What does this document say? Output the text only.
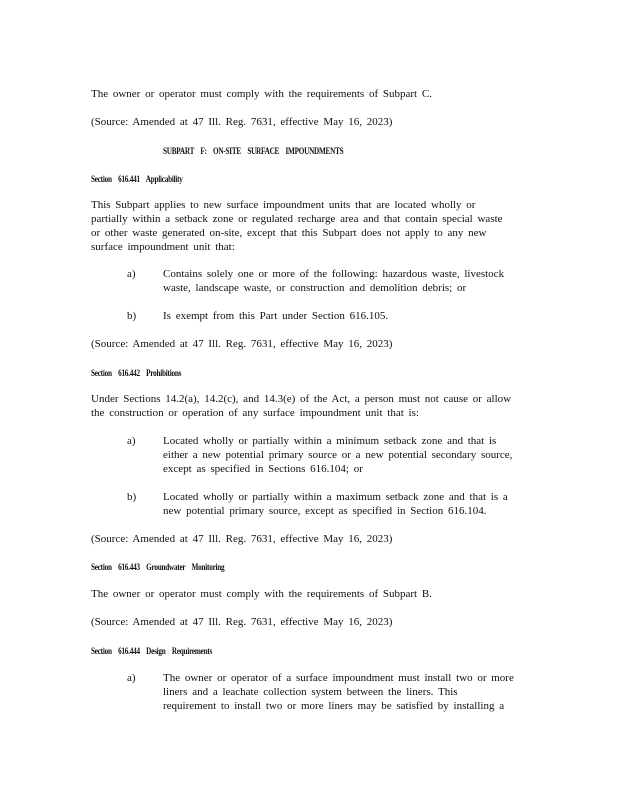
The owner or operator must comply with the requirements of Subpart C.
(Source: Amended at 47 Ill. Reg. 7631, effective May 16, 2023)
SUBPART F: ON-SITE SURFACE IMPOUNDMENTS
Section 616.441 Applicability
This Subpart applies to new surface impoundment units that are located wholly or
partially within a setback zone or regulated recharge area and that contain special waste
or other waste generated on-site, except that this Subpart does not apply to any new
surface impoundment unit that:
a) Contains solely one or more of the following: hazardous waste, livestock
waste, landscape waste, or construction and demolition debris; or
b) Is exempt from this Part under Section 616.105.
(Source: Amended at 47 Ill. Reg. 7631, effective May 16, 2023)
Section 616.442 Prohibitions
Under Sections 14.2(a), 14.2(c), and 14.3(e) of the Act, a person must not cause or allow
the construction or operation of any surface impoundment unit that is:
a) Located wholly or partially within a minimum setback zone and that is
either a new potential primary source or a new potential secondary source,
except as specified in Sections 616.104; or
b) Located wholly or partially within a maximum setback zone and that is a
new potential primary source, except as specified in Section 616.104.
(Source: Amended at 47 Ill. Reg. 7631, effective May 16, 2023)
Section 616.443 Groundwater Monitoring
The owner or operator must comply with the requirements of Subpart B.
(Source: Amended at 47 Ill. Reg. 7631, effective May 16, 2023)
Section 616.444 Design Requirements
a) The owner or operator of a surface impoundment must install two or more
liners and a leachate collection system between the liners. This
requirement to install two or more liners may be satisfied by installing a
